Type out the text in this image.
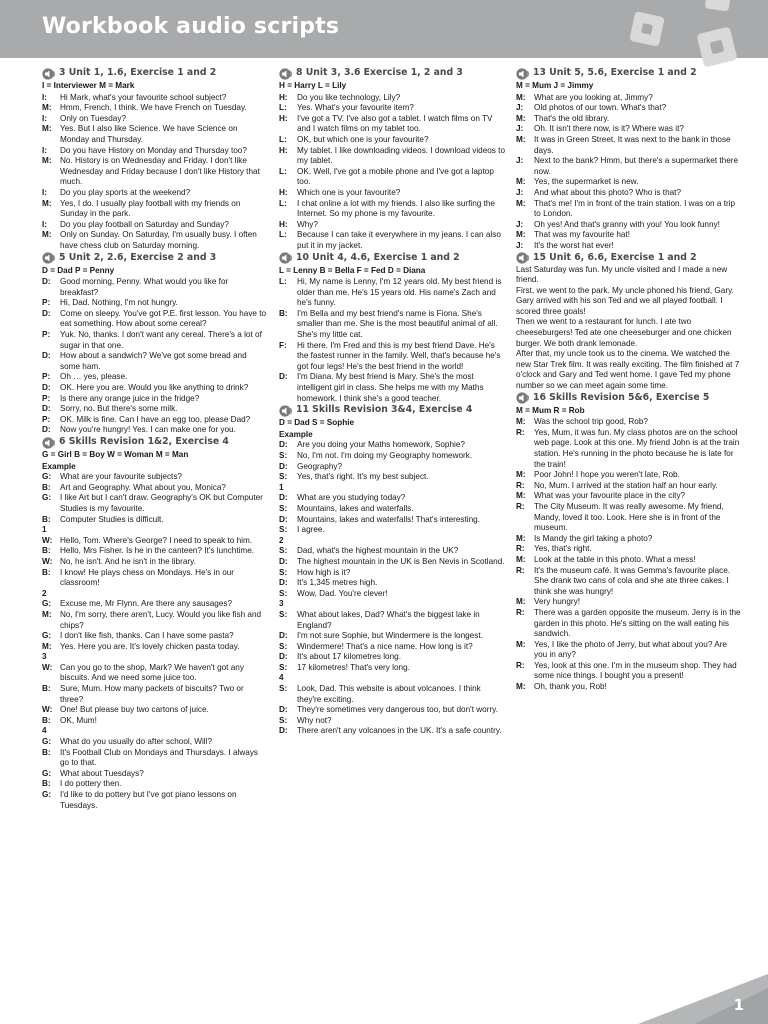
Workbook audio scripts
3 Unit 1, 1.6, Exercise 1 and 2
I = Interviewer M = Mark
I:	Hi Mark, what's your favourite school subject?
M:	Hmm, French, I think. We have French on Tuesday.
I:	Only on Tuesday?
M:	Yes. But I also like Science. We have Science on Monday and Thursday.
I:	Do you have History on Monday and Thursday too?
M:	No. History is on Wednesday and Friday. I don't like Wednesday and Friday because I don't like History that much.
I:	Do you play sports at the weekend?
M:	Yes, I do. I usually play football with my friends on Sunday in the park.
I:	Do you play football on Saturday and Sunday?
M:	Only on Sunday. On Saturday, I'm usually busy. I often have chess club on Saturday morning.
5 Unit 2, 2.6, Exercise 2 and 3
D = Dad P = Penny
D:	Good morning, Penny. What would you like for breakfast?
P:	Hi, Dad. Nothing, I'm not hungry.
D:	Come on sleepy. You've got P.E. first lesson. You have to eat something. How about some cereal?
P:	Yuk. No, thanks. I don't want any cereal. There's a lot of sugar in that one.
D:	How about a sandwich? We've got some bread and some ham.
P:	Oh … yes, please.
D:	OK. Here you are. Would you like anything to drink?
P:	Is there any orange juice in the fridge?
D:	Sorry, no. But there's some milk.
P:	OK. Milk is fine. Can I have an egg too, please Dad?
D:	Now you're hungry! Yes. I can make one for you.
6 Skills Revision 1&2, Exercise 4
G = Girl B = Boy W = Woman M = Man
Example
G:	What are your favourite subjects?
B:	Art and Geography. What about you, Monica?
G:	I like Art but I can't draw. Geography's OK but Computer Studies is my favourite.
B:	Computer Studies is difficult.
1
W: Hello, Tom. Where's George? I need to speak to him.
B:	Hello, Mrs Fisher. Is he in the canteen? It's lunchtime.
W: No, he isn't. And he isn't in the library.
B:	I know! He plays chess on Mondays. He's in our classroom!
2
G:	Excuse me, Mr Flynn. Are there any sausages?
M:	No, I'm sorry, there aren't, Lucy. Would you like fish and chips?
G:	I don't like fish, thanks. Can I have some pasta?
M:	Yes. Here you are. It's lovely chicken pasta today.
3
W: Can you go to the shop, Mark? We haven't got any biscuits. And we need some juice too.
B:	Sure, Mum. How many packets of biscuits? Two or three?
W: One! But please buy two cartons of juice.
B:	OK, Mum!
4
G:	What do you usually do after school, Will?
B:	It's Football Club on Mondays and Thursdays. I always go to that.
G:	What about Tuesdays?
B:	I do pottery then.
G:	I'd like to do pottery but I've got piano lessons on Tuesdays.
8 Unit 3, 3.6 Exercise 1, 2 and 3
H = Harry L = Lily
H:	Do you like technology, Lily?
L:	Yes. What's your favourite item?
H:	I've got a TV. I've also got a tablet. I watch films on TV and I watch films on my tablet too.
L:	OK, but which one is your favourite?
H:	My tablet. I like downloading videos. I download videos to my tablet.
L:	OK. Well, I've got a mobile phone and I've got a laptop too.
H:	Which one is your favourite?
L:	I chat online a lot with my friends. I also like surfing the Internet. So my phone is my favourite.
H:	Why?
L:	Because I can take it everywhere in my jeans. I can also put it in my jacket.
10 Unit 4, 4.6, Exercise 1 and 2
L = Lenny B = Bella F = Fed D = Diana
L:	Hi, My name is Lenny, I'm 12 years old. My best friend is older than me. He's 15 years old. His name's Zach and he's funny.
B:	I'm Bella and my best friend's name is Fiona. She's smaller than me. She is the most beautiful animal of all. She's my little cat.
F:	Hi there. I'm Fred and this is my best friend Dave. He's the fastest runner in the family. Well, that's because he's got four legs! He's the best friend in the world!
D:	I'm Diana. My best friend is Mary. She's the most intelligent girl in class. She helps me with my Maths homework. I think she's a good teacher.
11 Skills Revision 3&4, Exercise 4
D = Dad S = Sophie
Example
D:	Are you doing your Maths homework, Sophie?
S:	No, I'm not. I'm doing my Geography homework.
D:	Geography?
S:	Yes, that's right. It's my best subject.
1
D:	What are you studying today?
S:	Mountains, lakes and waterfalls.
D:	Mountains, lakes and waterfalls! That's interesting.
S:	I agree.
2
S:	Dad, what's the highest mountain in the UK?
D:	The highest mountain in the UK is Ben Nevis in Scotland.
S:	How high is it?
D:	It's 1,345 metres high.
S:	Wow, Dad. You're clever!
3
S:	What about lakes, Dad? What's the biggest lake in England?
D:	I'm not sure Sophie, but Windermere is the longest.
S:	Windermere! That's a nice name. How long is it?
D:	It's about 17 kilometres long.
S:	17 kilometres! That's very long.
4
S:	Look, Dad. This website is about volcanoes. I think they're exciting.
D:	They're sometimes very dangerous too, but don't worry.
S:	Why not?
D:	There aren't any volcanoes in the UK. It's a safe country.
13 Unit 5, 5.6, Exercise 1 and 2
M = Mum J = Jimmy
M:	What are you looking at, Jimmy?
J:	Old photos of our town. What's that?
M:	That's the old library.
J:	Oh. It isn't there now, is it? Where was it?
M:	It was in Green Street. It was next to the bank in those days.
J:	Next to the bank? Hmm, but there's a supermarket there now.
M:	Yes, the supermarket is new.
J:	And what about this photo? Who is that?
M:	That's me! I'm in front of the train station. I was on a trip to London.
J:	Oh yes! And that's granny with you! You look funny!
M:	That was my favourite hat!
J:	It's the worst hat ever!
15 Unit 6, 6.6, Exercise 1 and 2

Last Saturday was fun. My uncle visited and I made a new friend.

First, we went to the park. My uncle phoned his friend, Gary. Gary arrived with his son Ted and we all played football. I scored three goals!

Then we went to a restaurant for lunch. I ate two cheeseburgers! Ted ate one cheeseburger and one chicken burger. We both drank lemonade.

After that, my uncle took us to the cinema. We watched the new Star Trek film. It was really exciting. The film finished at 7 o'clock and Gary and Ted went home. I gave Ted my phone number so we can meet again some time.

16 Skills Revision 5&6, Exercise 5
M = Mum R = Rob
M:	Was the school trip good, Rob?
R:	Yes, Mum, it was fun. My class photos are on the school web page. Look at this one. My friend John is at the train station. He's running in the photo because he is late for the train!
M:	Poor John! I hope you weren't late, Rob.
R:	No, Mum. I arrived at the station half an hour early.
M:	What was your favourite place in the city?
R:	The City Museum. It was really awesome. My friend, Mandy, loved it too. Look. Here she is in front of the museum.
M:	Is Mandy the girl taking a photo?
R:	Yes, that's right.
M:	Look at the table in this photo. What a mess!
R:	It's the museum café. It was Gemma's favourite place. She drank two cans of cola and she ate three cakes. I think she was hungry!
M:	Very hungry!
R:	There was a garden opposite the museum. Jerry is in the garden in this photo. He's sitting on the wall eating his sandwich.
M:	Yes, I like the photo of Jerry, but what about you? Are you in any?
R:	Yes, look at this one. I'm in the museum shop. They had some nice things. I bought you a present!
M:	Oh, thank you, Rob!
1
